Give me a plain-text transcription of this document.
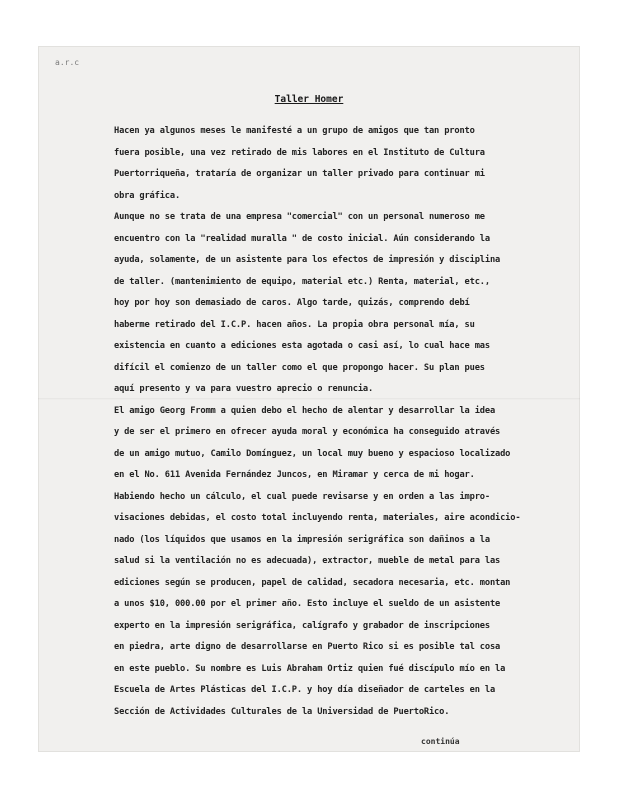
a.r.c
Taller Homer
Hacen ya algunos meses le manifesté a un grupo de amigos que tan pronto
fuera posible, una vez retirado de mis labores en el Instituto de Cultura
Puertorriqueña, trataría de organizar un taller privado para continuar mi
obra gráfica.
Aunque no se trata de una empresa "comercial" con un personal numeroso me
encuentro con la "realidad muralla " de costo inicial. Aún considerando la
ayuda, solamente, de un asistente para los efectos de impresión y disciplina
de taller. (mantenimiento de equipo, material etc.) Renta, material, etc.,
hoy por hoy son demasiado de caros. Algo tarde, quizás, comprendo debí
haberme retirado del I.C.P. hacen años. La propia obra personal mía, su
existencia en cuanto a ediciones esta agotada o casi así, lo cual hace mas
difícil el comienzo de un taller como el que propongo hacer. Su plan pues
aquí presento y va para vuestro aprecio o renuncia.
El amigo Georg Fromm a quien debo el hecho de alentar y desarrollar la idea
y de ser el primero en ofrecer ayuda moral y económica ha conseguido através
de un amigo mutuo, Camilo Domínguez, un local muy bueno y espacioso localizado
en el No. 611 Avenida Fernández Juncos, en Miramar y cerca de mi hogar.
Habiendo hecho un cálculo, el cual puede revisarse y en orden a las impro-
visaciones debidas, el costo total incluyendo renta, materiales, aire acondicio-
nado (los líquidos que usamos en la impresión serigráfica son dañinos a la
salud si la ventilación no es adecuada), extractor, mueble de metal para las
ediciones según se producen, papel de calidad, secadora necesaria, etc. montan
a unos $10, 000.00 por el primer año. Esto incluye el sueldo de un asistente
experto en la impresión serigráfica, calígrafo y grabador de inscripciones
en piedra, arte digno de desarrollarse en Puerto Rico si es posible tal cosa
en este pueblo. Su nombre es Luis Abraham Ortiz quien fué discípulo mío en la
Escuela de Artes Plásticas del I.C.P. y hoy día diseñador de carteles en la
Sección de Actividades Culturales de la Universidad de PuertoRico.

continúa
